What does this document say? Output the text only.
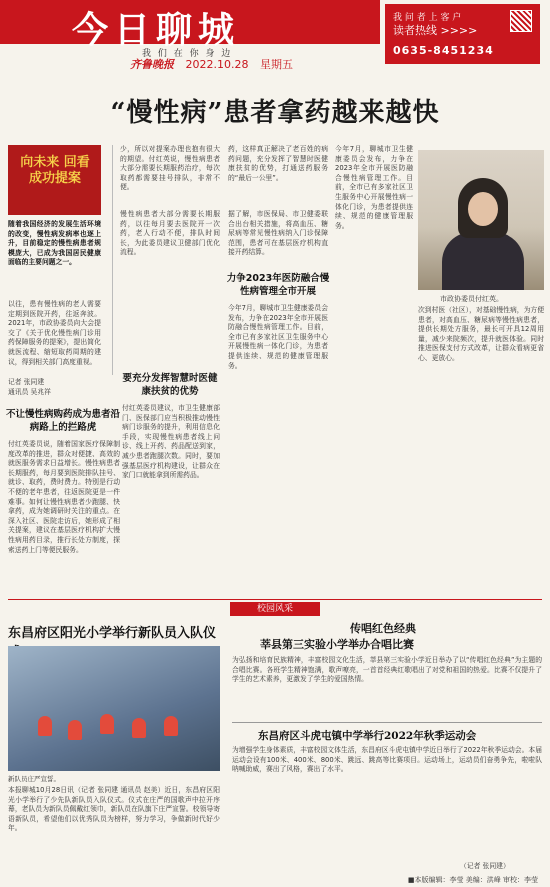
今日聊城
我 们 在 你 身 边
齐鲁晚报 2022.10.28 星期五
我 问 者 上 客 户
读者热线 >>>>
0635-8451234
“慢性病”患者拿药越来越快
向未来 回看成功提案
随着我国经济的发展生活环境的改变，慢性病发病率也逐上升，目前稳定的慢性病患者规模庞大，已成为我国居民健康面临的主要问题之一。
以往，患有慢性病的老人需要定期到医院开药，往返奔波。2021年，市政协委员向大会提交了《关于优化慢性病门诊用药保障服务的提案》，提出简化就医流程、缩短取药周期的建议，得到相关部门高度重视。
记者 张同建
通讯员 吴兆祥
不让慢性病购药成为患者沿病路上的拦路虎
付红英委员说，随着国家医疗保障制度改革的推进，群众对便捷、高效的就医服务需求日益增长。慢性病患者长期服药，每月要到医院排队挂号、就诊、取药，费时费力。特别是行动不便的老年患者，往返医院更是一件难事。如何让慢性病患者少跑腿、快拿药，成为她调研时关注的重点。在深入社区、医院走访后，她形成了相关提案，建议在基层医疗机构扩大慢性病用药目录，推行长处方制度，探索送药上门等便民服务。
少，所以对提案办理也抱有很大的期望。付红英说，慢性病患者大部分需要长期服药治疗，每次取药都需要挂号排队，非常不便。
慢性病患者大部分需要长期服药，以往每月要去医院开一次药，老人行动不便，排队时间长，为此委员建议卫健部门优化流程。
要充分发挥智慧时医健康扶贫的优势
付红英委员建议，市卫生健康部门、医保部门应当积极推动慢性病门诊服务的提升，利用信息化手段，实现慢性病患者线上问诊、线上开药、药品配送到家，减少患者跑腿次数。同时，要加强基层医疗机构建设，让群众在家门口就能拿到所需药品。
药，这样真正解决了老百姓的病药问题，充分发挥了智慧时医健康扶贫的优势，打通送药服务的“最后一公里”。
据了解，市医保局、市卫健委联合出台相关措施，将高血压、糖尿病等常见慢性病纳入门诊保障范围，患者可在基层医疗机构直接开药结算。
力争2023年医防融合慢性病管理全市开展
今年7月，聊城市卫生健康委员会发布，力争在2023年全市开展医防融合慢性病管理工作。目前，全市已有多家社区卫生服务中心开展慢性病一体化门诊，为患者提供连续、规范的健康管理服务。
今年7月，聊城市卫生健康委员会发布，力争在2023年全市开展医防融合慢性病管理工作。目前，全市已有多家社区卫生服务中心开展慢性病一体化门诊，为患者提供连续、规范的健康管理服务。
市政协委员付红英。
次到村医（社区），对基础慢性病，为方便患者，对高血压、糖尿病等慢性病患者，提供长期处方服务，最长可开具12周用量，减少来院频次，提升就医体验。同时推进医保支付方式改革，让群众看病更省心、更放心。
校园风采
东昌府区阳光小学举行新队员入队仪
新队员庄严宣誓。
本报聊城10月28日讯（记者 张同建 通讯员 赵美）近日，东昌府区阳光小学举行了少先队新队员入队仪式。仪式在庄严的国歌声中拉开序幕，老队员为新队员佩戴红领巾，新队员在队旗下庄严宣誓。校领导寄语新队员，希望他们以优秀队员为榜样，努力学习，争做新时代好少年。
传唱红色经典
莘县第三实验小学举办合唱比赛
为弘扬和培育民族精神，丰富校园文化生活，莘县第三实验小学近日举办了以“传唱红色经典”为主题的合唱比赛。各班学生精神饱满，歌声嘹亮，一首首经典红歌唱出了对党和祖国的热爱。比赛不仅提升了学生的艺术素养，更激发了学生的爱国热情。
东昌府区斗虎屯镇中学举行2022年秋季运动会
为增强学生身体素质，丰富校园文体生活，东昌府区斗虎屯镇中学近日举行了2022年秋季运动会。本届运动会设有100米、400米、800米、跳远、跳高等比赛项目。运动场上，运动员们奋勇争先，啦啦队呐喊助威，赛出了风格，赛出了水平。
（记者 张同建）
■本版编辑：李莹 美编：洪峰 审校：李莹
